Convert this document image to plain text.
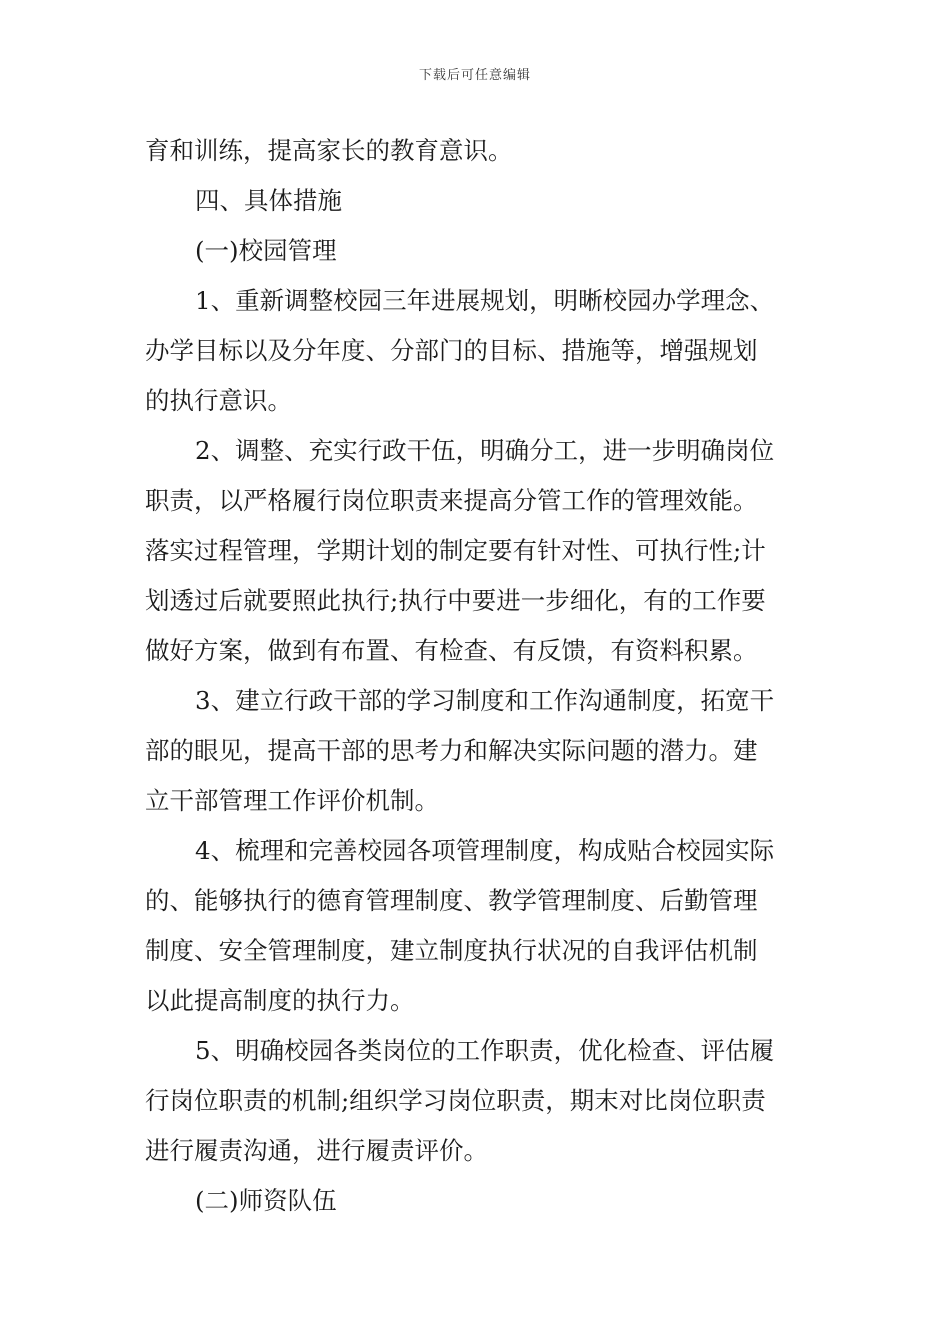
下载后可任意编辑
育和训练，提高家长的教育意识。
四、具体措施
(一)校园管理
1、重新调整校园三年进展规划，明晰校园办学理念、
办学目标以及分年度、分部门的目标、措施等，增强规划
的执行意识。
2、调整、充实行政干伍，明确分工，进一步明确岗位
职责，以严格履行岗位职责来提高分管工作的管理效能。
落实过程管理，学期计划的制定要有针对性、可执行性;计
划透过后就要照此执行;执行中要进一步细化，有的工作要
做好方案，做到有布置、有检查、有反馈，有资料积累。
3、建立行政干部的学习制度和工作沟通制度，拓宽干
部的眼见，提高干部的思考力和解决实际问题的潜力。建
立干部管理工作评价机制。
4、梳理和完善校园各项管理制度，构成贴合校园实际
的、能够执行的德育管理制度、教学管理制度、后勤管理
制度、安全管理制度，建立制度执行状况的自我评估机制
以此提高制度的执行力。
5、明确校园各类岗位的工作职责，优化检查、评估履
行岗位职责的机制;组织学习岗位职责，期末对比岗位职责
进行履责沟通，进行履责评价。
(二)师资队伍
